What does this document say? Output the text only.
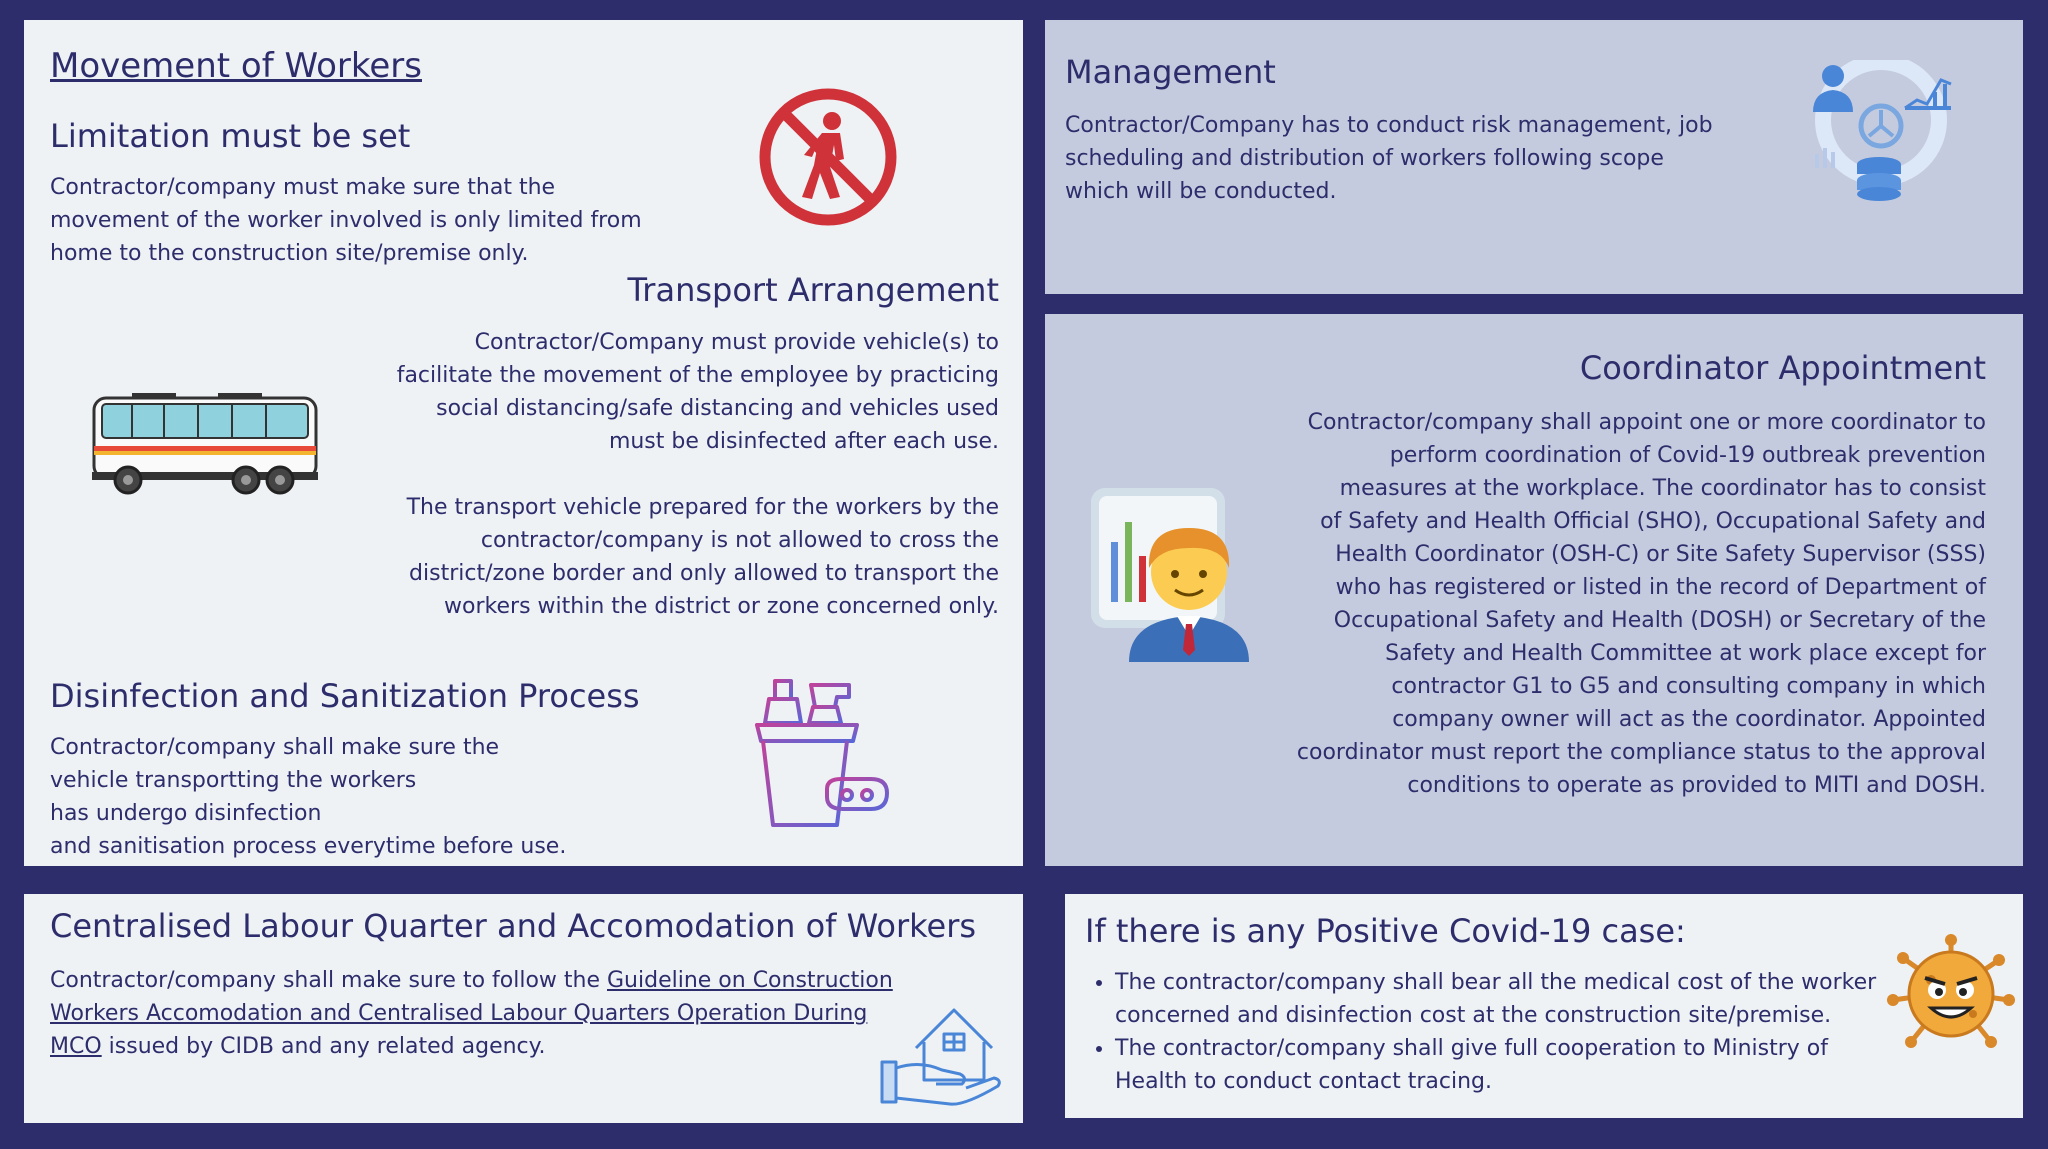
Movement of Workers
Limitation must be set
Contractor/company must make sure that the
movement of the worker involved is only limited from
home to the construction site/premise only.
Transport Arrangement
Contractor/Company must provide vehicle(s) to
facilitate the movement of the employee by practicing
social distancing/safe distancing and vehicles used
must be disinfected after each use.
The transport vehicle prepared for the workers by the
contractor/company is not allowed to cross the
district/zone border and only allowed to transport the
workers within the district or zone concerned only.
Disinfection and Sanitization Process
Contractor/company shall make sure the
vehicle transportting the workers
has undergo disinfection
and sanitisation process everytime before use.
Management
Contractor/Company has to conduct risk management, job
scheduling and distribution of workers following scope
which will be conducted.
Coordinator Appointment
Contractor/company shall appoint one or more coordinator to
perform coordination of Covid-19 outbreak prevention
measures at the workplace. The coordinator has to consist
of Safety and Health Official (SHO), Occupational Safety and
Health Coordinator (OSH-C) or Site Safety Supervisor (SSS)
who has registered or listed in the record of Department of
Occupational Safety and Health (DOSH) or Secretary of the
Safety and Health Committee at work place except for
contractor G1 to G5 and consulting company in which
company owner will act as the coordinator. Appointed
coordinator must report the compliance status to the approval
conditions to operate as provided to MITI and DOSH.
Centralised Labour Quarter and Accomodation of Workers
Contractor/company shall make sure to follow the Guideline on Construction
Workers Accomodation and Centralised Labour Quarters Operation During
MCO issued by CIDB and any related agency.
If there is any Positive Covid-19 case:
• The contractor/company shall bear all the medical cost of the worker
concerned and disinfection cost at the construction site/premise.
• The contractor/company shall give full cooperation to Ministry of
Health to conduct contact tracing.
